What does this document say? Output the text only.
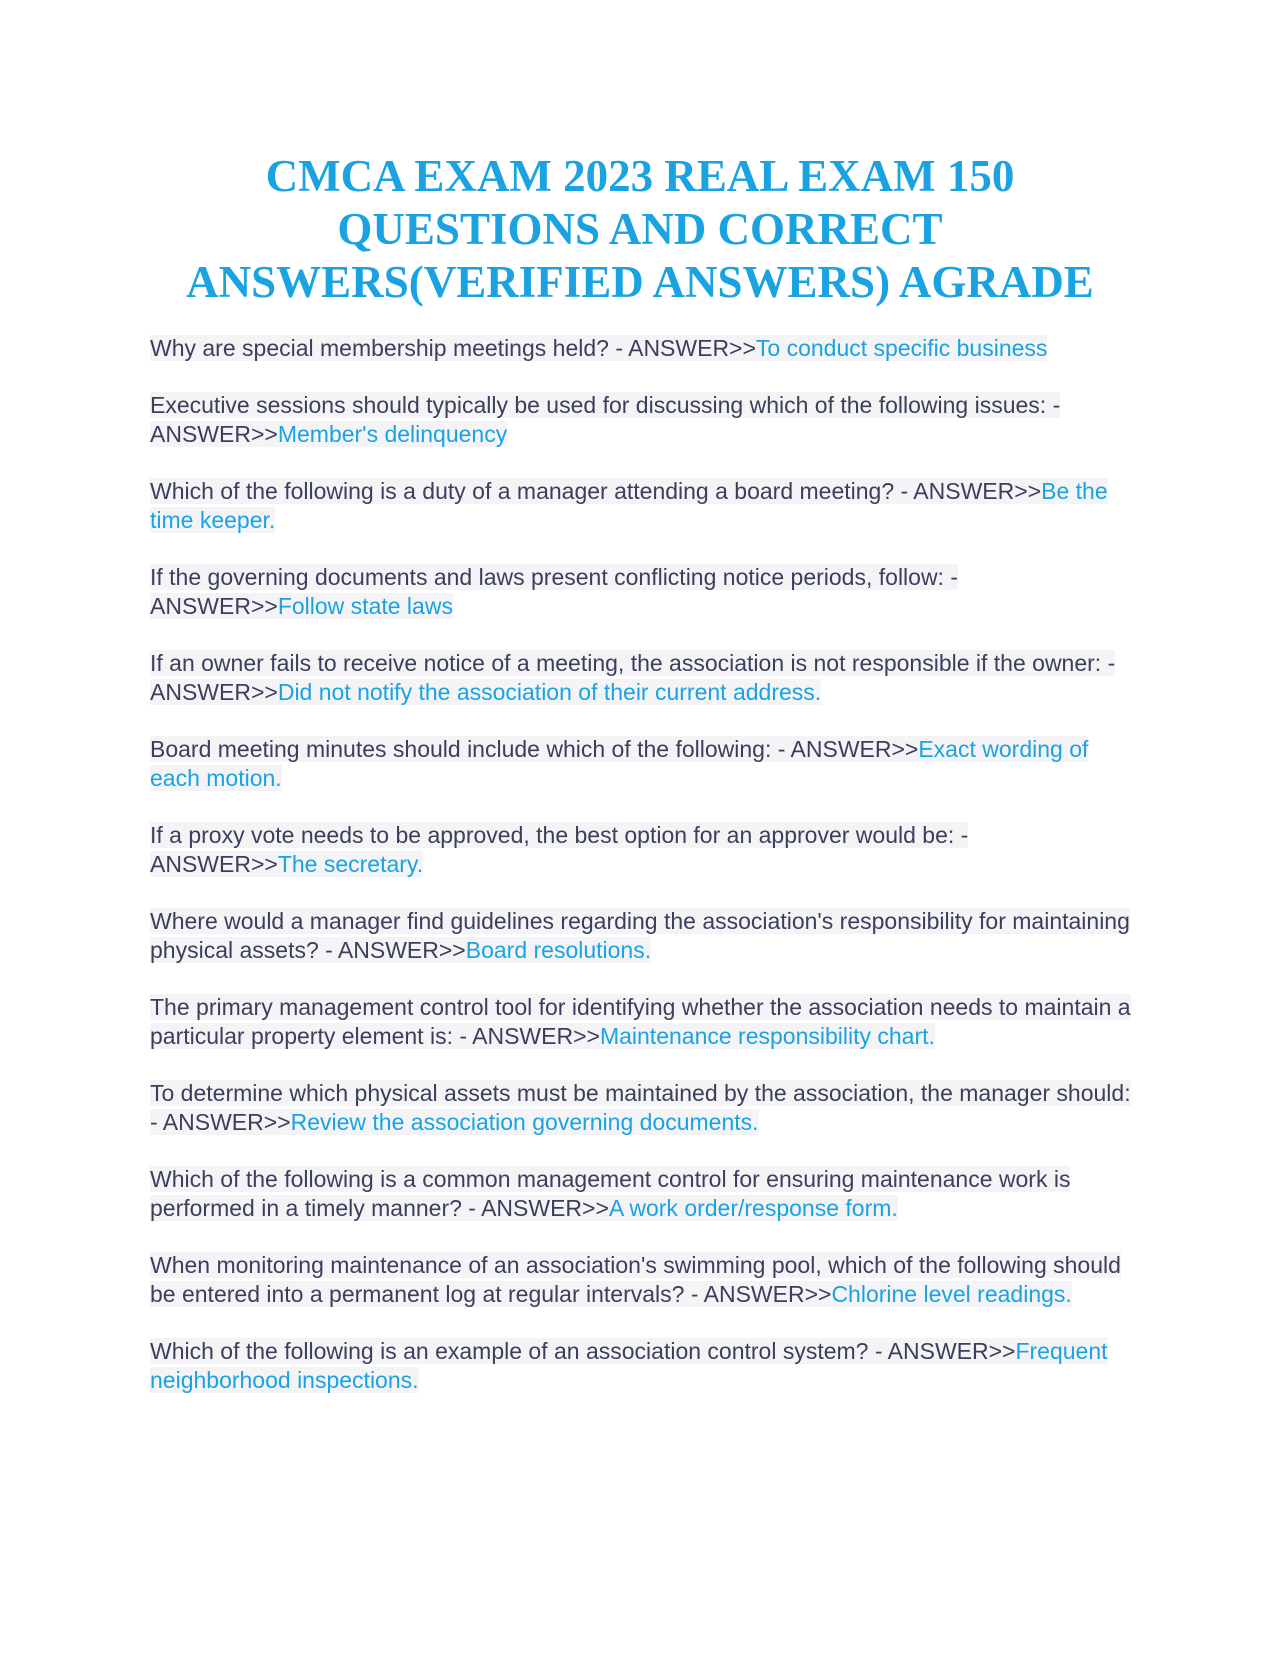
CMCA EXAM 2023 REAL EXAM 150 QUESTIONS AND CORRECT ANSWERS(VERIFIED ANSWERS) AGRADE

Why are special membership meetings held? - ANSWER>>To conduct specific business

Executive sessions should typically be used for discussing which of the following issues: - ANSWER>>Member's delinquency

Which of the following is a duty of a manager attending a board meeting? - ANSWER>>Be the time keeper.

If the governing documents and laws present conflicting notice periods, follow: - ANSWER>>Follow state laws

If an owner fails to receive notice of a meeting, the association is not responsible if the owner: - ANSWER>>Did not notify the association of their current address.

Board meeting minutes should include which of the following: - ANSWER>>Exact wording of each motion.

If a proxy vote needs to be approved, the best option for an approver would be: - ANSWER>>The secretary.

Where would a manager find guidelines regarding the association's responsibility for maintaining physical assets? - ANSWER>>Board resolutions.

The primary management control tool for identifying whether the association needs to maintain a particular property element is: - ANSWER>>Maintenance responsibility chart.

To determine which physical assets must be maintained by the association, the manager should: - ANSWER>>Review the association governing documents.

Which of the following is a common management control for ensuring maintenance work is performed in a timely manner? - ANSWER>>A work order/response form.

When monitoring maintenance of an association's swimming pool, which of the following should be entered into a permanent log at regular intervals? - ANSWER>>Chlorine level readings.

Which of the following is an example of an association control system? - ANSWER>>Frequent neighborhood inspections.
